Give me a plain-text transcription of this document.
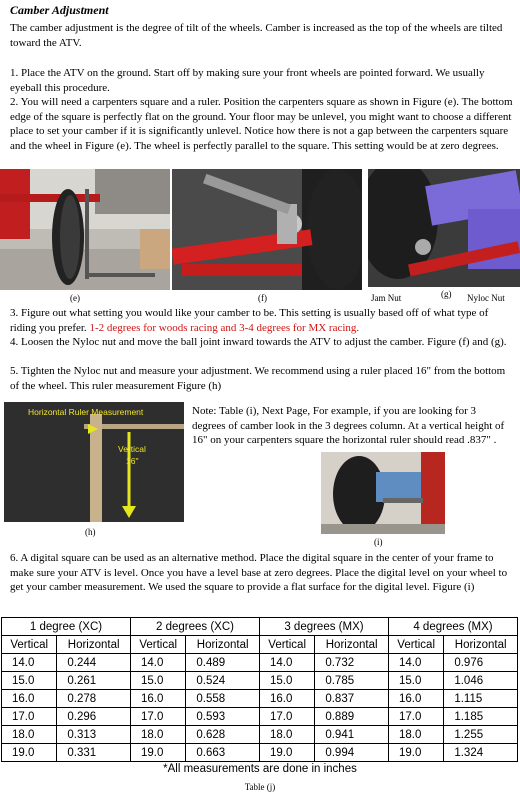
Camber Adjustment

The camber adjustment is the degree of tilt of the wheels. Camber is increased as the top of the wheels are tilted toward the ATV.

1. Place the ATV on the ground. Start off by making sure your front wheels are pointed forward. We usually eyeball this procedure.

2. You will need a carpenters square and a ruler. Position the carpenters square as shown in Figure (e). The bottom edge of the square is perfectly flat on the ground. Your floor may be unlevel, you might want to choose a different place to set your camber if it is significantly unlevel. Notice how there is not a gap between the carpenters square and the wheel in Figure (e). The wheel is perfectly parallel to the square. This setting would be at zero degrees.

(e)	(f)	Jam Nut	(g) Nyloc Nut

3. Figure out what setting you would like your camber to be. This setting is usually based off of what type of riding you prefer. 1-2 degrees for woods racing and 3-4 degrees for MX racing.

4. Loosen the Nyloc nut and move the ball joint inward towards the ATV to adjust the camber. Figure (f) and (g).

5. Tighten the Nyloc nut and measure your adjustment. We recommend using a ruler placed 16" from the bottom of the wheel. This ruler measurement Figure (h)

Horizontal Ruler Measurement
Vertical
16"
(h)

Note: Table (i), Next Page, For example, if you are looking for 3 degrees of camber look in the 3 degrees column. At a vertical height of 16" on your carpenters square the horizontal ruler should read .837" .

(i)

6. A digital square can be used as an alternative method. Place the digital square in the center of your frame to make sure your ATV is level. Once you have a level base at zero degrees. Place the digital level on your wheel to get your camber measurement. We used the square to provide a flat surface for the digital level. Figure (i)

1 degree (XC)		2 degrees (XC)		3 degrees (MX)		4 degrees (MX)	
Vertical	Horizontal	Vertical	Horizontal	Vertical	Horizontal	Vertical	Horizontal
14.0	0.244	14.0	0.489	14.0	0.732	14.0	0.976
15.0	0.261	15.0	0.524	15.0	0.785	15.0	1.046
16.0	0.278	16.0	0.558	16.0	0.837	16.0	1.115
17.0	0.296	17.0	0.593	17.0	0.889	17.0	1.185
18.0	0.313	18.0	0.628	18.0	0.941	18.0	1.255
19.0	0.331	19.0	0.663	19.0	0.994	19.0	1.324
*All measurements are done in inches
Table (j)
